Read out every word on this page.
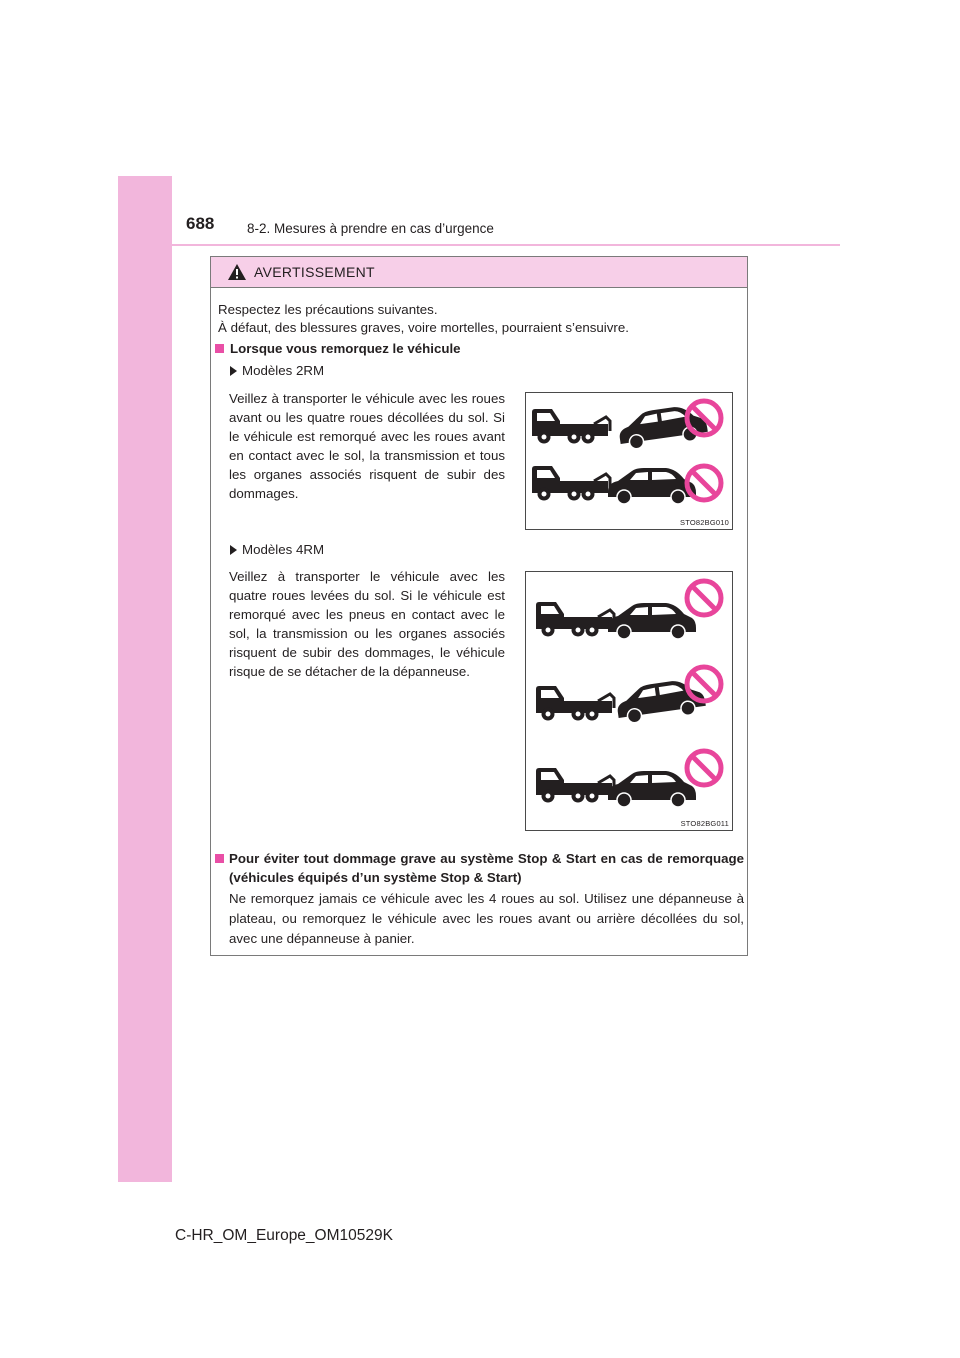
688 8-2. Mesures à prendre en cas d’urgence
AVERTISSEMENT
Respectez les précautions suivantes.
À défaut, des blessures graves, voire mortelles, pourraient s’ensuivre.
Lorsque vous remorquez le véhicule
Modèles 2RM
Veillez à transporter le véhicule avec les roues avant ou les quatre roues décollées du sol. Si le véhicule est remorqué avec les roues avant en contact avec le sol, la transmission et tous les organes associés risquent de subir des dommages.
STO82BG010
Modèles 4RM
Veillez à transporter le véhicule avec les quatre roues levées du sol. Si le véhicule est remorqué avec les pneus en contact avec le sol, la transmission ou les organes associés risquent de subir des dommages, le véhicule risque de se détacher de la dépanneuse.
STO82BG011
Pour éviter tout dommage grave au système Stop & Start en cas de remorquage (véhicules équipés d’un système Stop & Start)
Ne remorquez jamais ce véhicule avec les 4 roues au sol. Utilisez une dépanneuse à plateau, ou remorquez le véhicule avec les roues avant ou arrière décollées du sol, avec une dépanneuse à panier.
C-HR_OM_Europe_OM10529K
